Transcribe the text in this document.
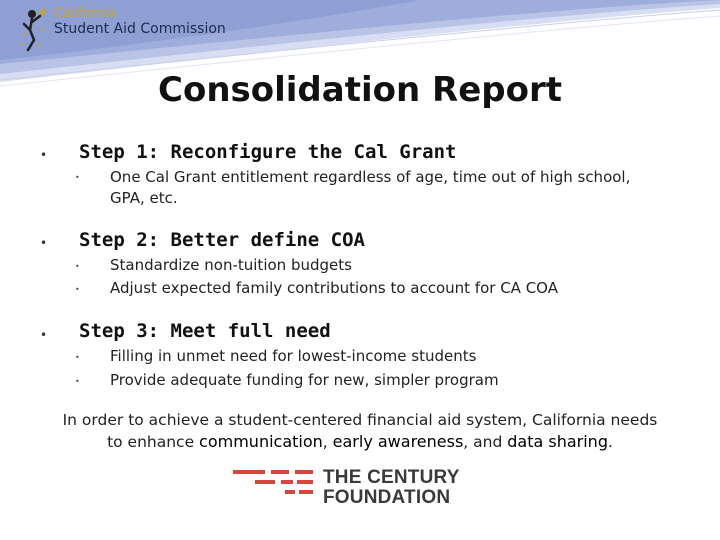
California
Student Aid Commission
Consolidation Report
• Step 1: Reconfigure the Cal Grant
• One Cal Grant entitlement regardless of age, time out of high school,
GPA, etc.
• Step 2: Better define COA
• Standardize non-tuition budgets
• Adjust expected family contributions to account for CA COA
• Step 3: Meet full need
• Filling in unmet need for lowest-income students
• Provide adequate funding for new, simpler program
In order to achieve a student-centered financial aid system, California needs
to enhance communication, early awareness, and data sharing.
THE CENTURY
FOUNDATION
